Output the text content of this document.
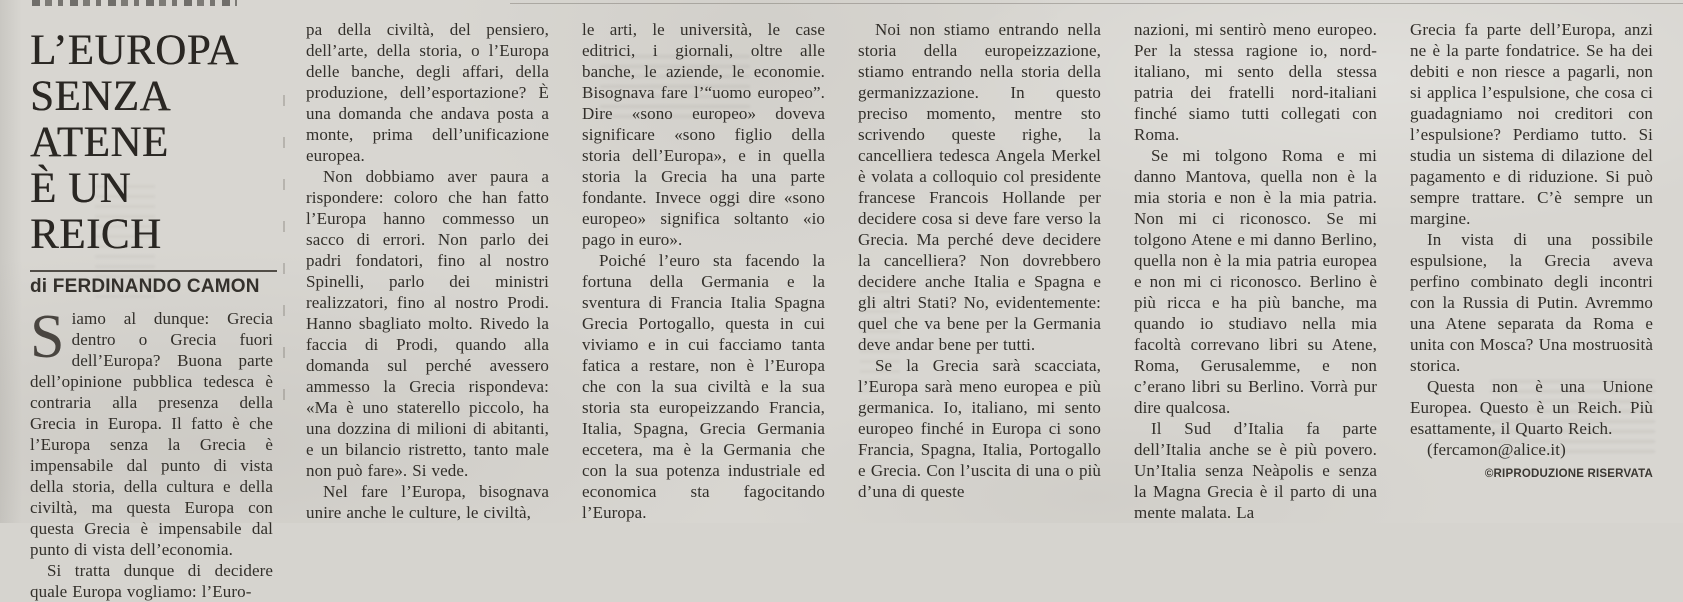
L’EUROPA
SENZA ATENE
È UN REICH
di FERDINANDO CAMON

Siamo al dunque: Grecia dentro o Grecia fuori dell’Europa? Buona parte dell’opinione pubblica tedesca è contraria alla presenza della Grecia in Europa. Il fatto è che l’Europa senza la Grecia è impensabile dal punto di vista della storia, della cultura e della civiltà, ma questa Europa con questa Grecia è impensabile dal punto di vista dell’economia.

Si tratta dunque di decidere quale Europa vogliamo: l’Euro-

pa della civiltà, del pensiero, dell’arte, della storia, o l’Europa delle banche, degli affari, della produzione, dell’esportazione? È una domanda che andava posta a monte, prima dell’unificazione europea.

Non dobbiamo aver paura a rispondere: coloro che han fatto l’Europa hanno commesso un sacco di errori. Non parlo dei padri fondatori, fino al nostro Spinelli, parlo dei ministri realizzatori, fino al nostro Prodi. Hanno sbagliato molto. Rivedo la faccia di Prodi, quando alla domanda sul perché avessero ammesso la Grecia rispondeva: «Ma è uno staterello piccolo, ha una dozzina di milioni di abitanti, e un bilancio ristretto, tanto male non può fare». Si vede.

Nel fare l’Europa, bisognava unire anche le culture, le civiltà,

le arti, le università, le case editrici, i giornali, oltre alle banche, le aziende, le economie. Bisognava fare l’“uomo europeo”. Dire «sono europeo» doveva significare «sono figlio della storia dell’Europa», e in quella storia la Grecia ha una parte fondante. Invece oggi dire «sono europeo» significa soltanto «io pago in euro».

Poiché l’euro sta facendo la fortuna della Germania e la sventura di Francia Italia Spagna Grecia Portogallo, questa in cui viviamo e in cui facciamo tanta fatica a restare, non è l’Europa che con la sua civiltà e la sua storia sta europeizzando Francia, Italia, Spagna, Grecia Germania eccetera, ma è la Germania che con la sua potenza industriale ed economica sta fagocitando l’Europa.

Noi non stiamo entrando nella storia della europeizzazione, stiamo entrando nella storia della germanizzazione. In questo preciso momento, mentre sto scrivendo queste righe, la cancelliera tedesca Angela Merkel è volata a colloquio col presidente francese Francois Hollande per decidere cosa si deve fare verso la Grecia. Ma perché deve decidere la cancelliera? Non dovrebbero decidere anche Italia e Spagna e gli altri Stati? No, evidentemente: quel che va bene per la Germania deve andar bene per tutti.

Se la Grecia sarà scacciata, l’Europa sarà meno europea e più germanica. Io, italiano, mi sento europeo finché in Europa ci sono Francia, Spagna, Italia, Portogallo e Grecia. Con l’uscita di una o più d’una di queste

nazioni, mi sentirò meno europeo. Per la stessa ragione io, nord-italiano, mi sento della stessa patria dei fratelli nord-italiani finché siamo tutti collegati con Roma.

Se mi tolgono Roma e mi danno Mantova, quella non è la mia storia e non è la mia patria. Non mi ci riconosco. Se mi tolgono Atene e mi danno Berlino, quella non è la mia patria europea e non mi ci riconosco. Berlino è più ricca e ha più banche, ma quando io studiavo nella mia facoltà correvano libri su Atene, Roma, Gerusalemme, e non c’erano libri su Berlino. Vorrà pur dire qualcosa.

Il Sud d’Italia fa parte dell’Italia anche se è più povero. Un’Italia senza Neàpolis e senza la Magna Grecia è il parto di una mente malata. La

Grecia fa parte dell’Europa, anzi ne è la parte fondatrice. Se ha dei debiti e non riesce a pagarli, non si applica l’espulsione, che cosa ci guadagniamo noi creditori con l’espulsione? Perdiamo tutto. Si studia un sistema di dilazione del pagamento e di riduzione. Si può sempre trattare. C’è sempre un margine.

In vista di una possibile espulsione, la Grecia aveva perfino combinato degli incontri con la Russia di Putin. Avremmo una Atene separata da Roma e unita con Mosca? Una mostruosità storica.

Questa non è una Unione Europea. Questo è un Reich. Più esattamente, il Quarto Reich.

(fercamon@alice.it)

©RIPRODUZIONE RISERVATA
